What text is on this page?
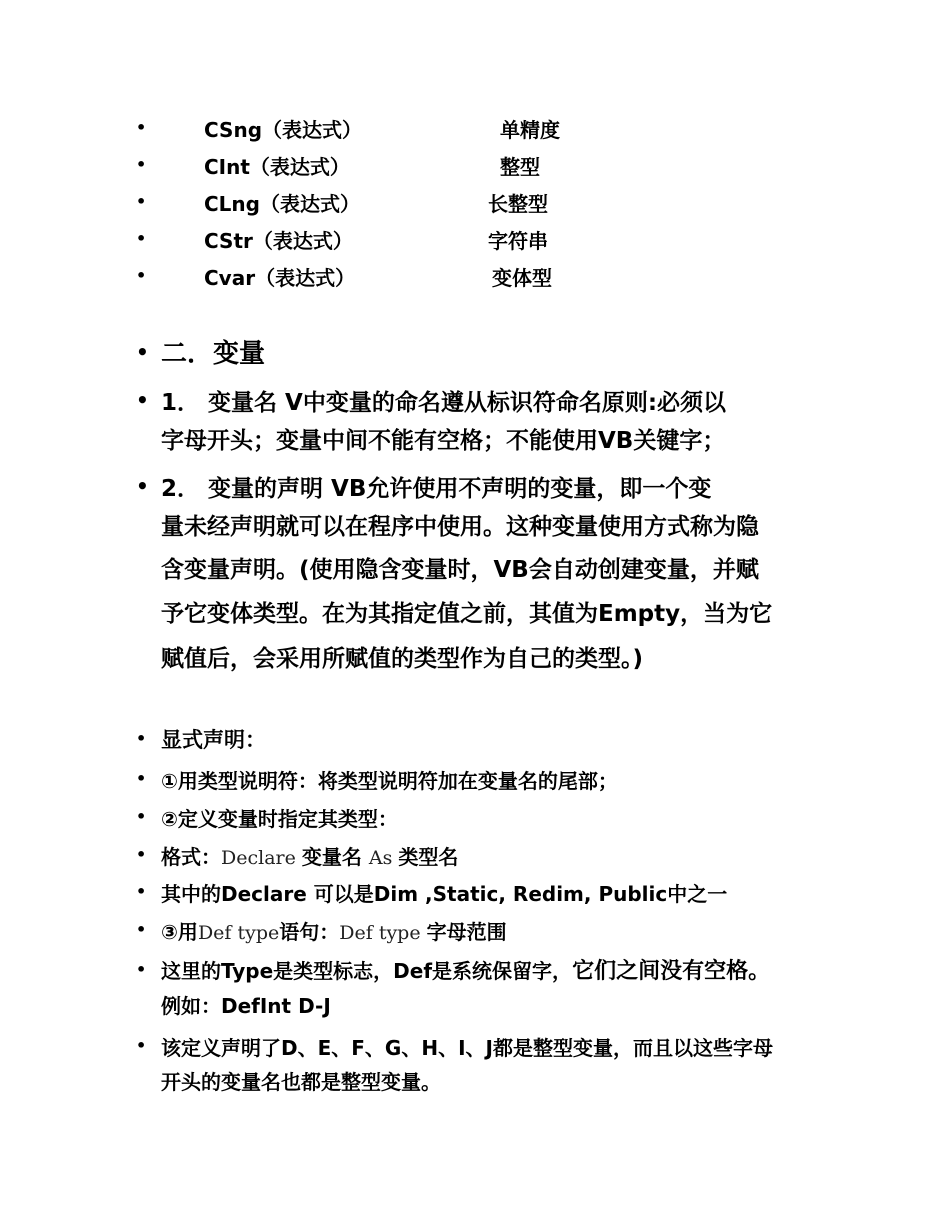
•	CSng（表达式）	单精度
•	CInt（表达式）	整型
•	CLng（表达式）	长整型
•	CStr（表达式）	字符串
•	Cvar（表达式）	变体型
• 二．变量
• 1． 变量名 V中变量的命名遵从标识符命名原则:必须以
字母开头；变量中间不能有空格；不能使用VB关键字；
• 2． 变量的声明 VB允许使用不声明的变量，即一个变
量未经声明就可以在程序中使用。这种变量使用方式称为隐
含变量声明。(使用隐含变量时，VB会自动创建变量，并赋
予它变体类型。在为其指定值之前，其值为Empty，当为它
赋值后，会采用所赋值的类型作为自己的类型。)
• 显式声明：
• ①用类型说明符：将类型说明符加在变量名的尾部；
• ②定义变量时指定其类型：
• 格式：Declare 变量名 As 类型名
• 其中的Declare 可以是Dim ,Static, Redim, Public中之一
• ③用Def type语句：Def type 字母范围
• 这里的Type是类型标志，Def是系统保留字，它们之间没有空格。
例如：DefInt D-J
• 该定义声明了D、E、F、G、H、I、J都是整型变量，而且以这些字母
开头的变量名也都是整型变量。
